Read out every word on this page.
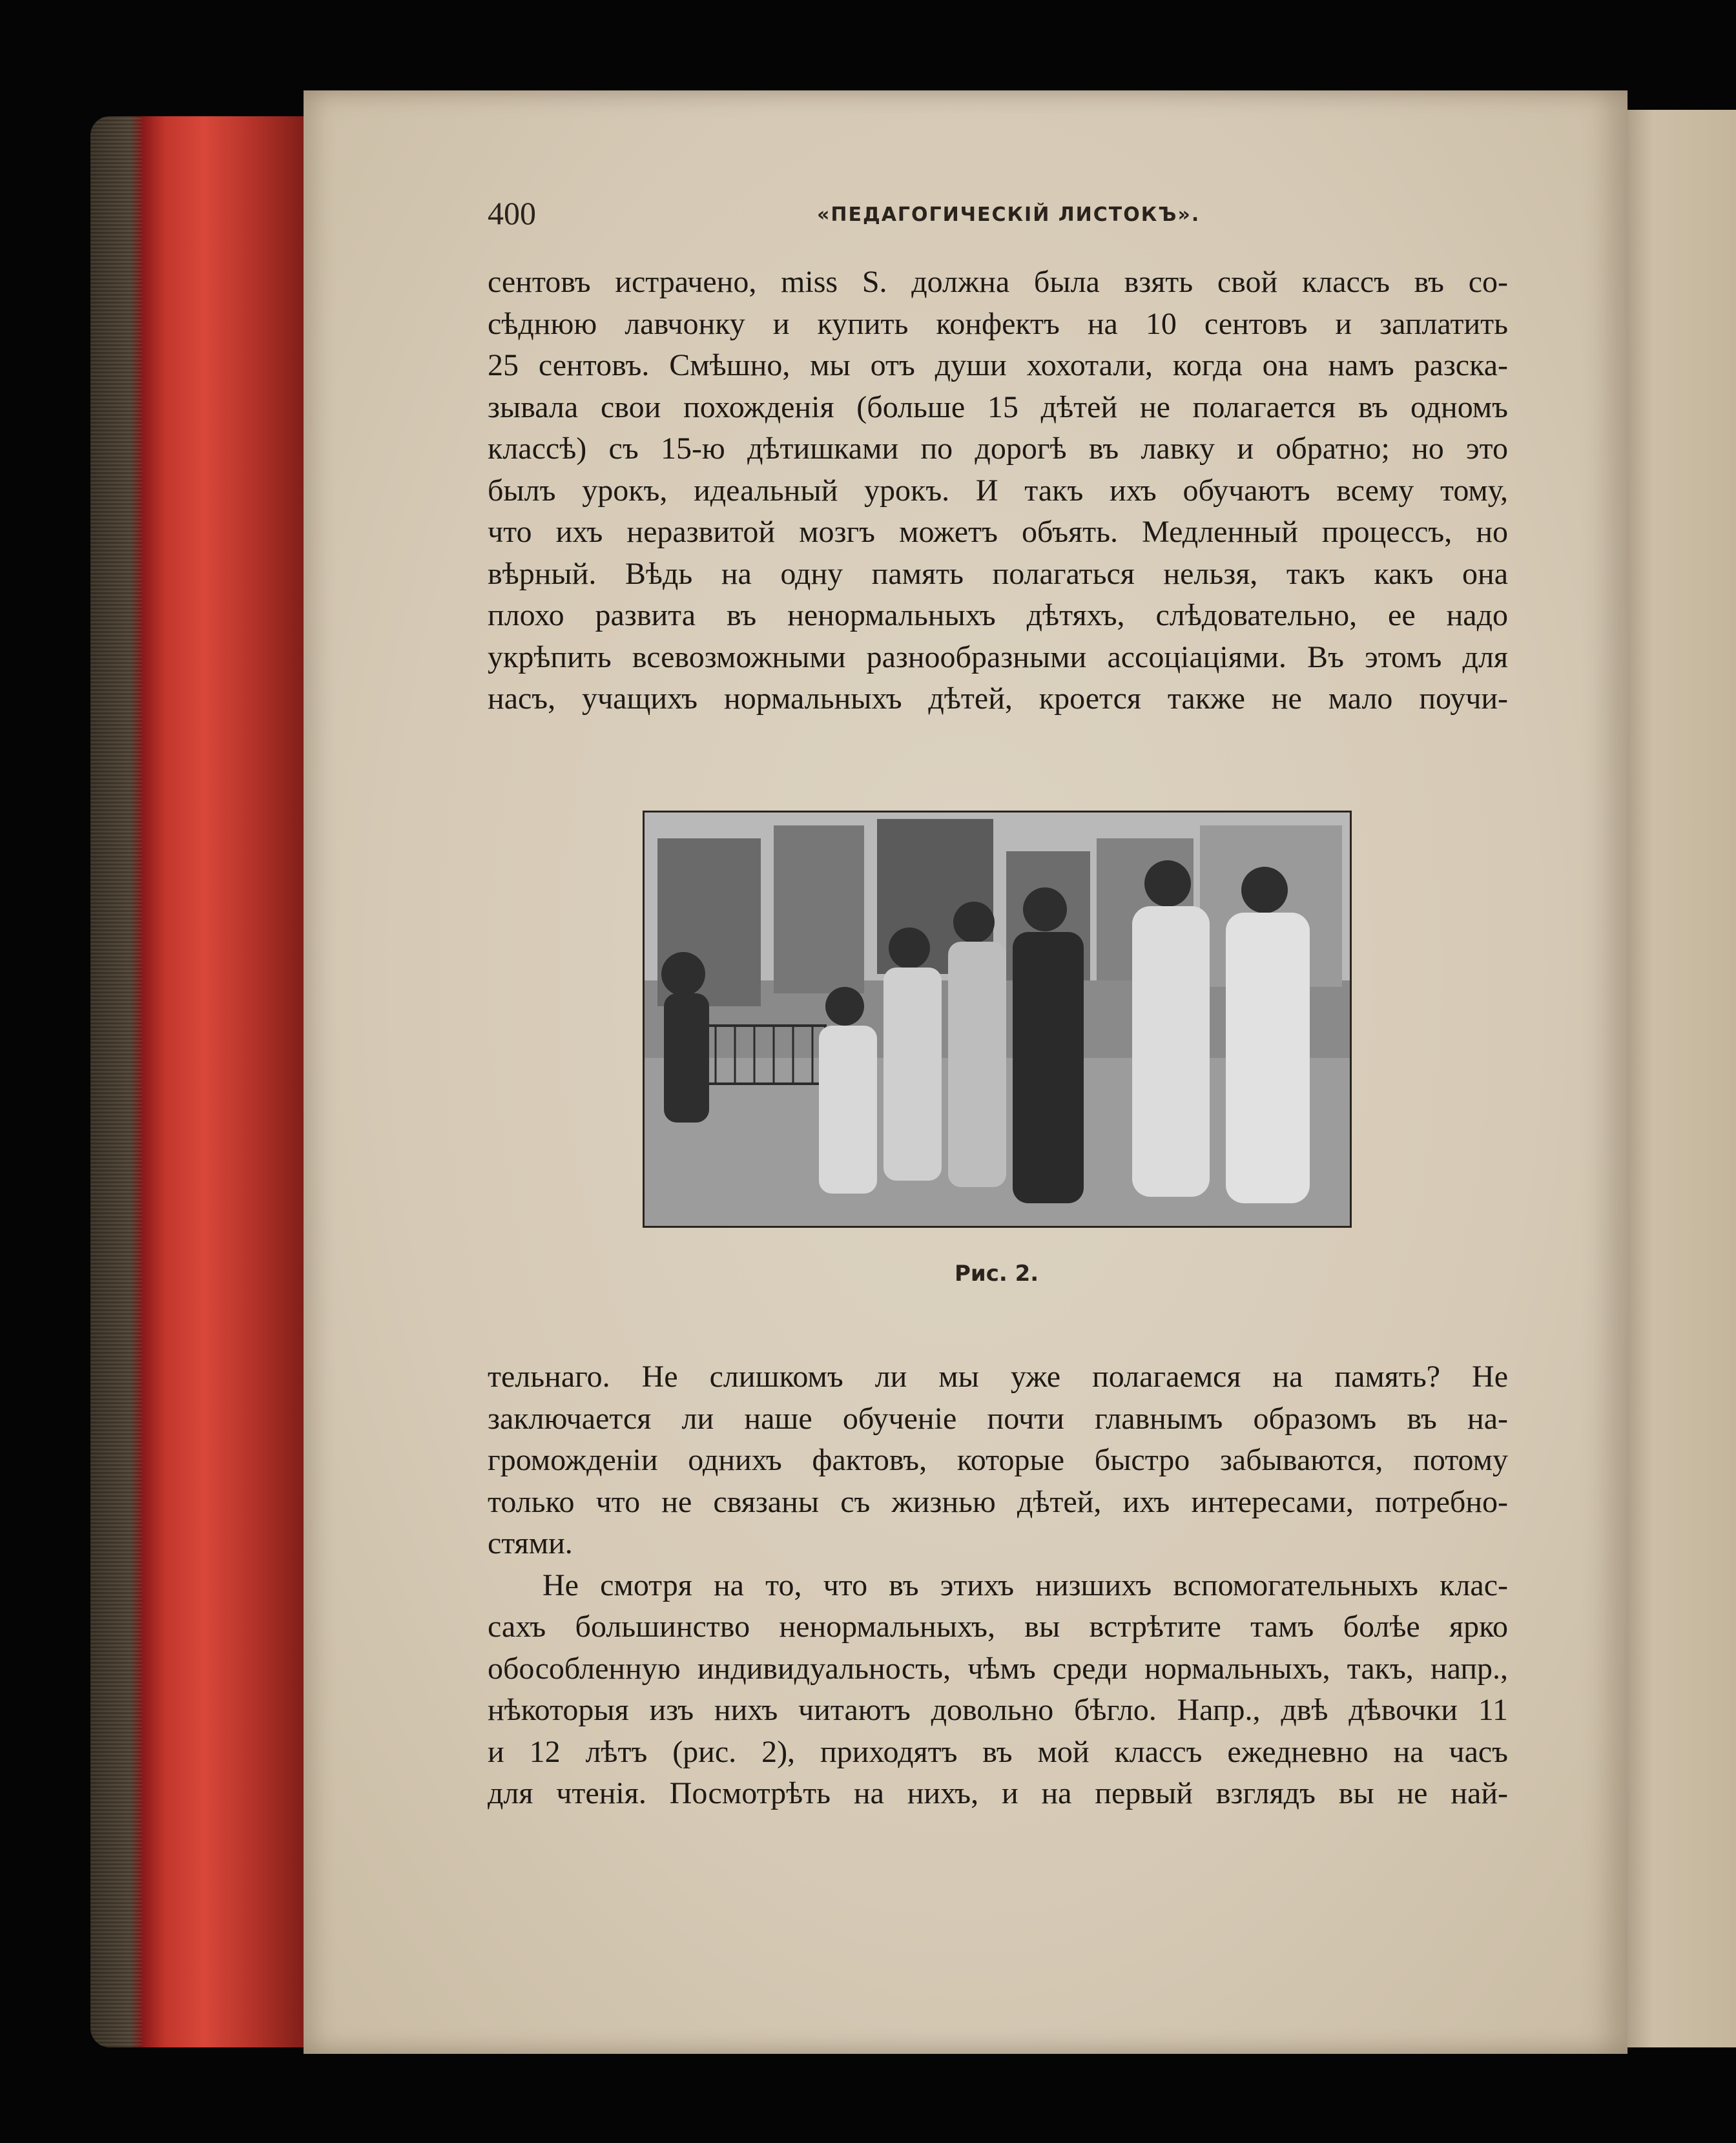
400	«ПЕДАГОГИЧЕСКІЙ ЛИСТОКЪ».
сентовъ истрачено, miss S. должна была взять свой классъ въ со-
сѣднюю лавчонку и купить конфектъ на 10 сентовъ и заплатить
25 сентовъ. Смѣшно, мы отъ души хохотали, когда она намъ разска-
зывала свои похожденія (больше 15 дѣтей не полагается въ одномъ
классѣ) съ 15-ю дѣтишками по дорогѣ въ лавку и обратно; но это
былъ урокъ, идеальный урокъ. И такъ ихъ обучаютъ всему тому,
что ихъ неразвитой мозгъ можетъ объять. Медленный процессъ, но
вѣрный. Вѣдь на одну память полагаться нельзя, такъ какъ она
плохо развита въ ненормальныхъ дѣтяхъ, слѣдовательно, ее надо
укрѣпить всевозможными разнообразными ассоціаціями. Въ этомъ для
насъ, учащихъ нормальныхъ дѣтей, кроется также не мало поучи-
Рис. 2.
тельнаго. Не слишкомъ ли мы уже полагаемся на память? Не
заключается ли наше обученіе почти главнымъ образомъ въ на-
громожденіи однихъ фактовъ, которые быстро забываются, потому
только что не связаны съ жизнью дѣтей, ихъ интересами, потребно-
стями.
Не смотря на то, что въ этихъ низшихъ вспомогательныхъ клас-
сахъ большинство ненормальныхъ, вы встрѣтите тамъ болѣе ярко
обособленную индивидуальность, чѣмъ среди нормальныхъ, такъ, напр.,
нѣкоторыя изъ нихъ читаютъ довольно бѣгло. Напр., двѣ дѣвочки 11
и 12 лѣтъ (рис. 2), приходятъ въ мой классъ ежедневно на часъ
для чтенія. Посмотрѣть на нихъ, и на первый взглядъ вы не най-
